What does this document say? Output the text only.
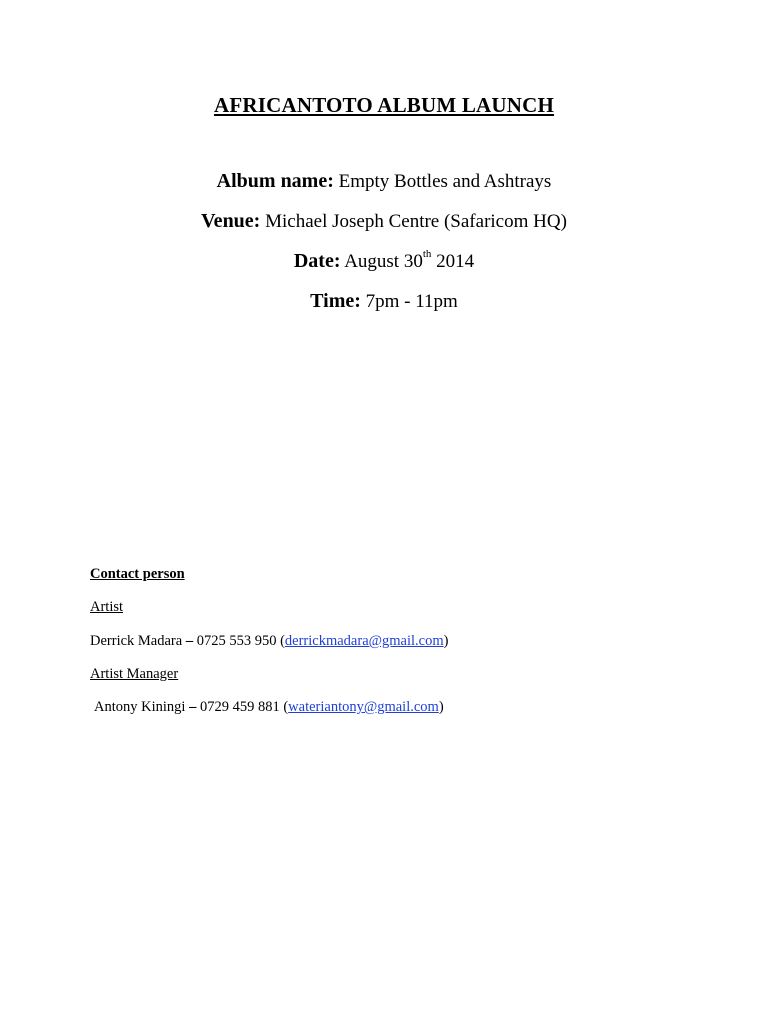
AFRICANTOTO ALBUM LAUNCH
Album name: Empty Bottles and Ashtrays
Venue: Michael Joseph Centre (Safaricom HQ)
Date: August 30th 2014
Time: 7pm - 11pm
Contact person
Artist
Derrick Madara – 0725 553 950 (derrickmadara@gmail.com)
Artist Manager
Antony Kiningi – 0729 459 881 (wateriantony@gmail.com)
